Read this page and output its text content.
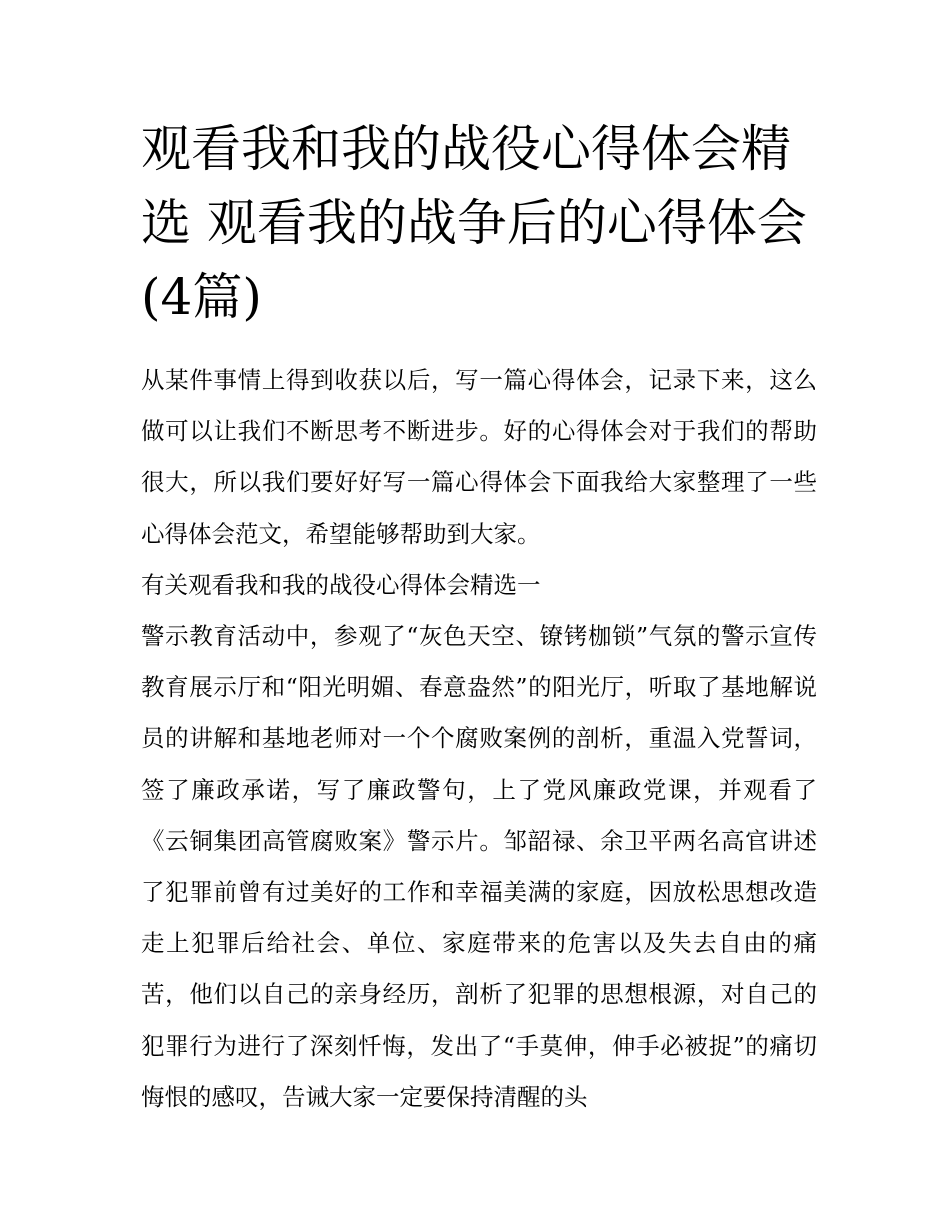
观看我和我的战役心得体会精选 观看我的战争后的心得体会(4篇)

从某件事情上得到收获以后，写一篇心得体会，记录下来，这么做可以让我们不断思考不断进步。好的心得体会对于我们的帮助很大，所以我们要好好写一篇心得体会下面我给大家整理了一些心得体会范文，希望能够帮助到大家。

有关观看我和我的战役心得体会精选一

警示教育活动中，参观了“灰色天空、镣铐枷锁”气氛的警示宣传教育展示厅和“阳光明媚、春意盎然”的阳光厅，听取了基地解说员的讲解和基地老师对一个个腐败案例的剖析，重温入党誓词，签了廉政承诺，写了廉政警句，上了党风廉政党课，并观看了《云铜集团高管腐败案》警示片。邹韶禄、余卫平两名高官讲述了犯罪前曾有过美好的工作和幸福美满的家庭，因放松思想改造走上犯罪后给社会、单位、家庭带来的危害以及失去自由的痛苦，他们以自己的亲身经历，剖析了犯罪的思想根源，对自己的犯罪行为进行了深刻忏悔，发出了“手莫伸，伸手必被捉”的痛切悔恨的感叹，告诫大家一定要保持清醒的头
